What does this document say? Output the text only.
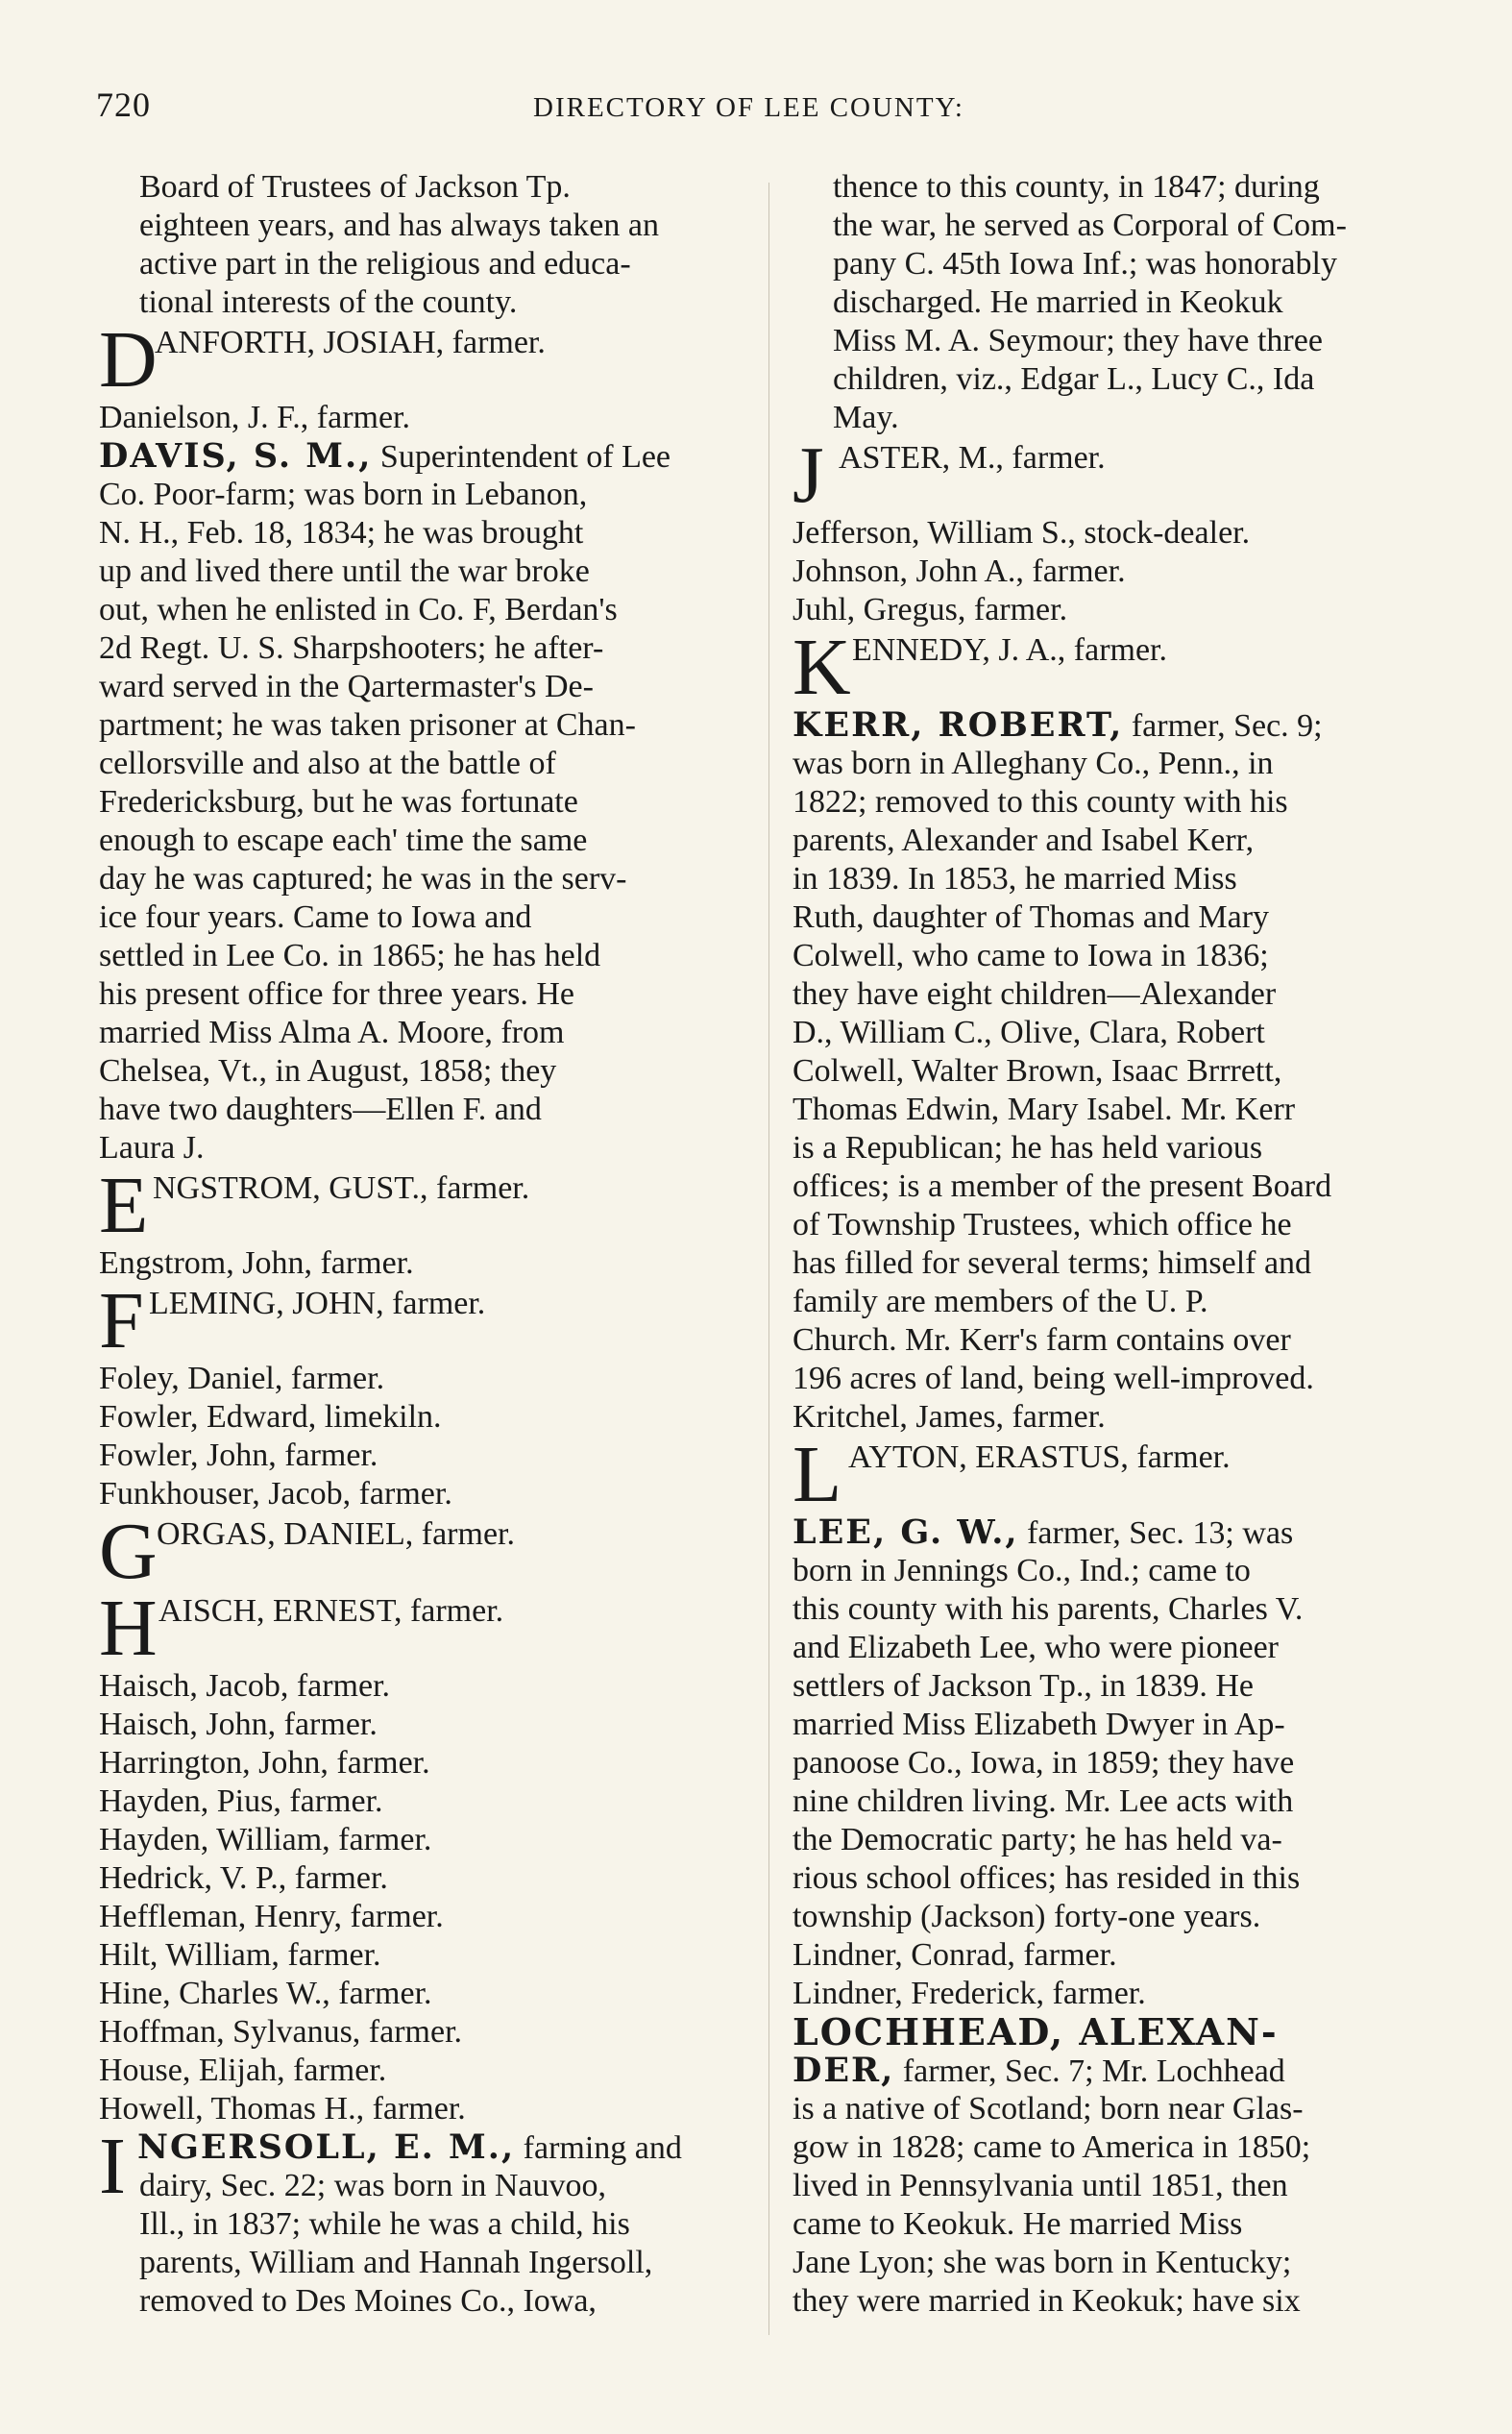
720	DIRECTORY OF LEE COUNTY:
Board of Trustees of Jackson Tp.
eighteen years, and has always taken an
active part in the religious and educa-
tional interests of the county.
D
ANFORTH, JOSIAH, farmer.
Danielson, J. F., farmer.
DAVIS, S. M., Superintendent of Lee
Co. Poor-farm; was born in Lebanon,
N. H., Feb. 18, 1834; he was brought
up and lived there until the war broke
out, when he enlisted in Co. F, Berdan's
2d Regt. U. S. Sharpshooters; he after-
ward served in the Qartermaster's De-
partment; he was taken prisoner at Chan-
cellorsville and also at the battle of
Fredericksburg, but he was fortunate
enough to escape each' time the same
day he was captured; he was in the serv-
ice four years. Came to Iowa and
settled in Lee Co. in 1865; he has held
his present office for three years. He
married Miss Alma A. Moore, from
Chelsea, Vt., in August, 1858; they
have two daughters—Ellen F. and
Laura J.
E NGSTROM, GUST., farmer.
Engstrom, John, farmer.
F LEMING, JOHN, farmer.
Foley, Daniel, farmer.
Fowler, Edward, limekiln.
Fowler, John, farmer.
Funkhouser, Jacob, farmer.
G ORGAS, DANIEL, farmer.
H AISCH, ERNEST, farmer.
Haisch, Jacob, farmer.
Haisch, John, farmer.
Harrington, John, farmer.
Hayden, Pius, farmer.
Hayden, William, farmer.
Hedrick, V. P., farmer.
Heffleman, Henry, farmer.
Hilt, William, farmer.
Hine, Charles W., farmer.
Hoffman, Sylvanus, farmer.
House, Elijah, farmer.
Howell, Thomas H., farmer.
I NGERSOLL, E. M., farming and
dairy, Sec. 22; was born in Nauvoo,
Ill., in 1837; while he was a child, his
parents, William and Hannah Ingersoll,
removed to Des Moines Co., Iowa,
thence to this county, in 1847; during
the war, he served as Corporal of Com-
pany C. 45th Iowa Inf.; was honorably
discharged. He married in Keokuk
Miss M. A. Seymour; they have three
children, viz., Edgar L., Lucy C., Ida
May.
J ASTER, M., farmer.
Jefferson, William S., stock-dealer.
Johnson, John A., farmer.
Juhl, Gregus, farmer.
K ENNEDY, J. A., farmer.
KERR, ROBERT, farmer, Sec. 9;
was born in Alleghany Co., Penn., in
1822; removed to this county with his
parents, Alexander and Isabel Kerr,
in 1839. In 1853, he married Miss
Ruth, daughter of Thomas and Mary
Colwell, who came to Iowa in 1836;
they have eight children—Alexander
D., William C., Olive, Clara, Robert
Colwell, Walter Brown, Isaac Brrrett,
Thomas Edwin, Mary Isabel. Mr. Kerr
is a Republican; he has held various
offices; is a member of the present Board
of Township Trustees, which office he
has filled for several terms; himself and
family are members of the U. P.
Church. Mr. Kerr's farm contains over
196 acres of land, being well-improved.
Kritchel, James, farmer.
L AYTON, ERASTUS, farmer.
LEE, G. W., farmer, Sec. 13; was
born in Jennings Co., Ind.; came to
this county with his parents, Charles V.
and Elizabeth Lee, who were pioneer
settlers of Jackson Tp., in 1839. He
married Miss Elizabeth Dwyer in Ap-
panoose Co., Iowa, in 1859; they have
nine children living. Mr. Lee acts with
the Democratic party; he has held va-
rious school offices; has resided in this
township (Jackson) forty-one years.
Lindner, Conrad, farmer.
Lindner, Frederick, farmer.
LOCHHEAD, ALEXAN-
DER, farmer, Sec. 7; Mr. Lochhead
is a native of Scotland; born near Glas-
gow in 1828; came to America in 1850;
lived in Pennsylvania until 1851, then
came to Keokuk. He married Miss
Jane Lyon; she was born in Kentucky;
they were married in Keokuk; have six
